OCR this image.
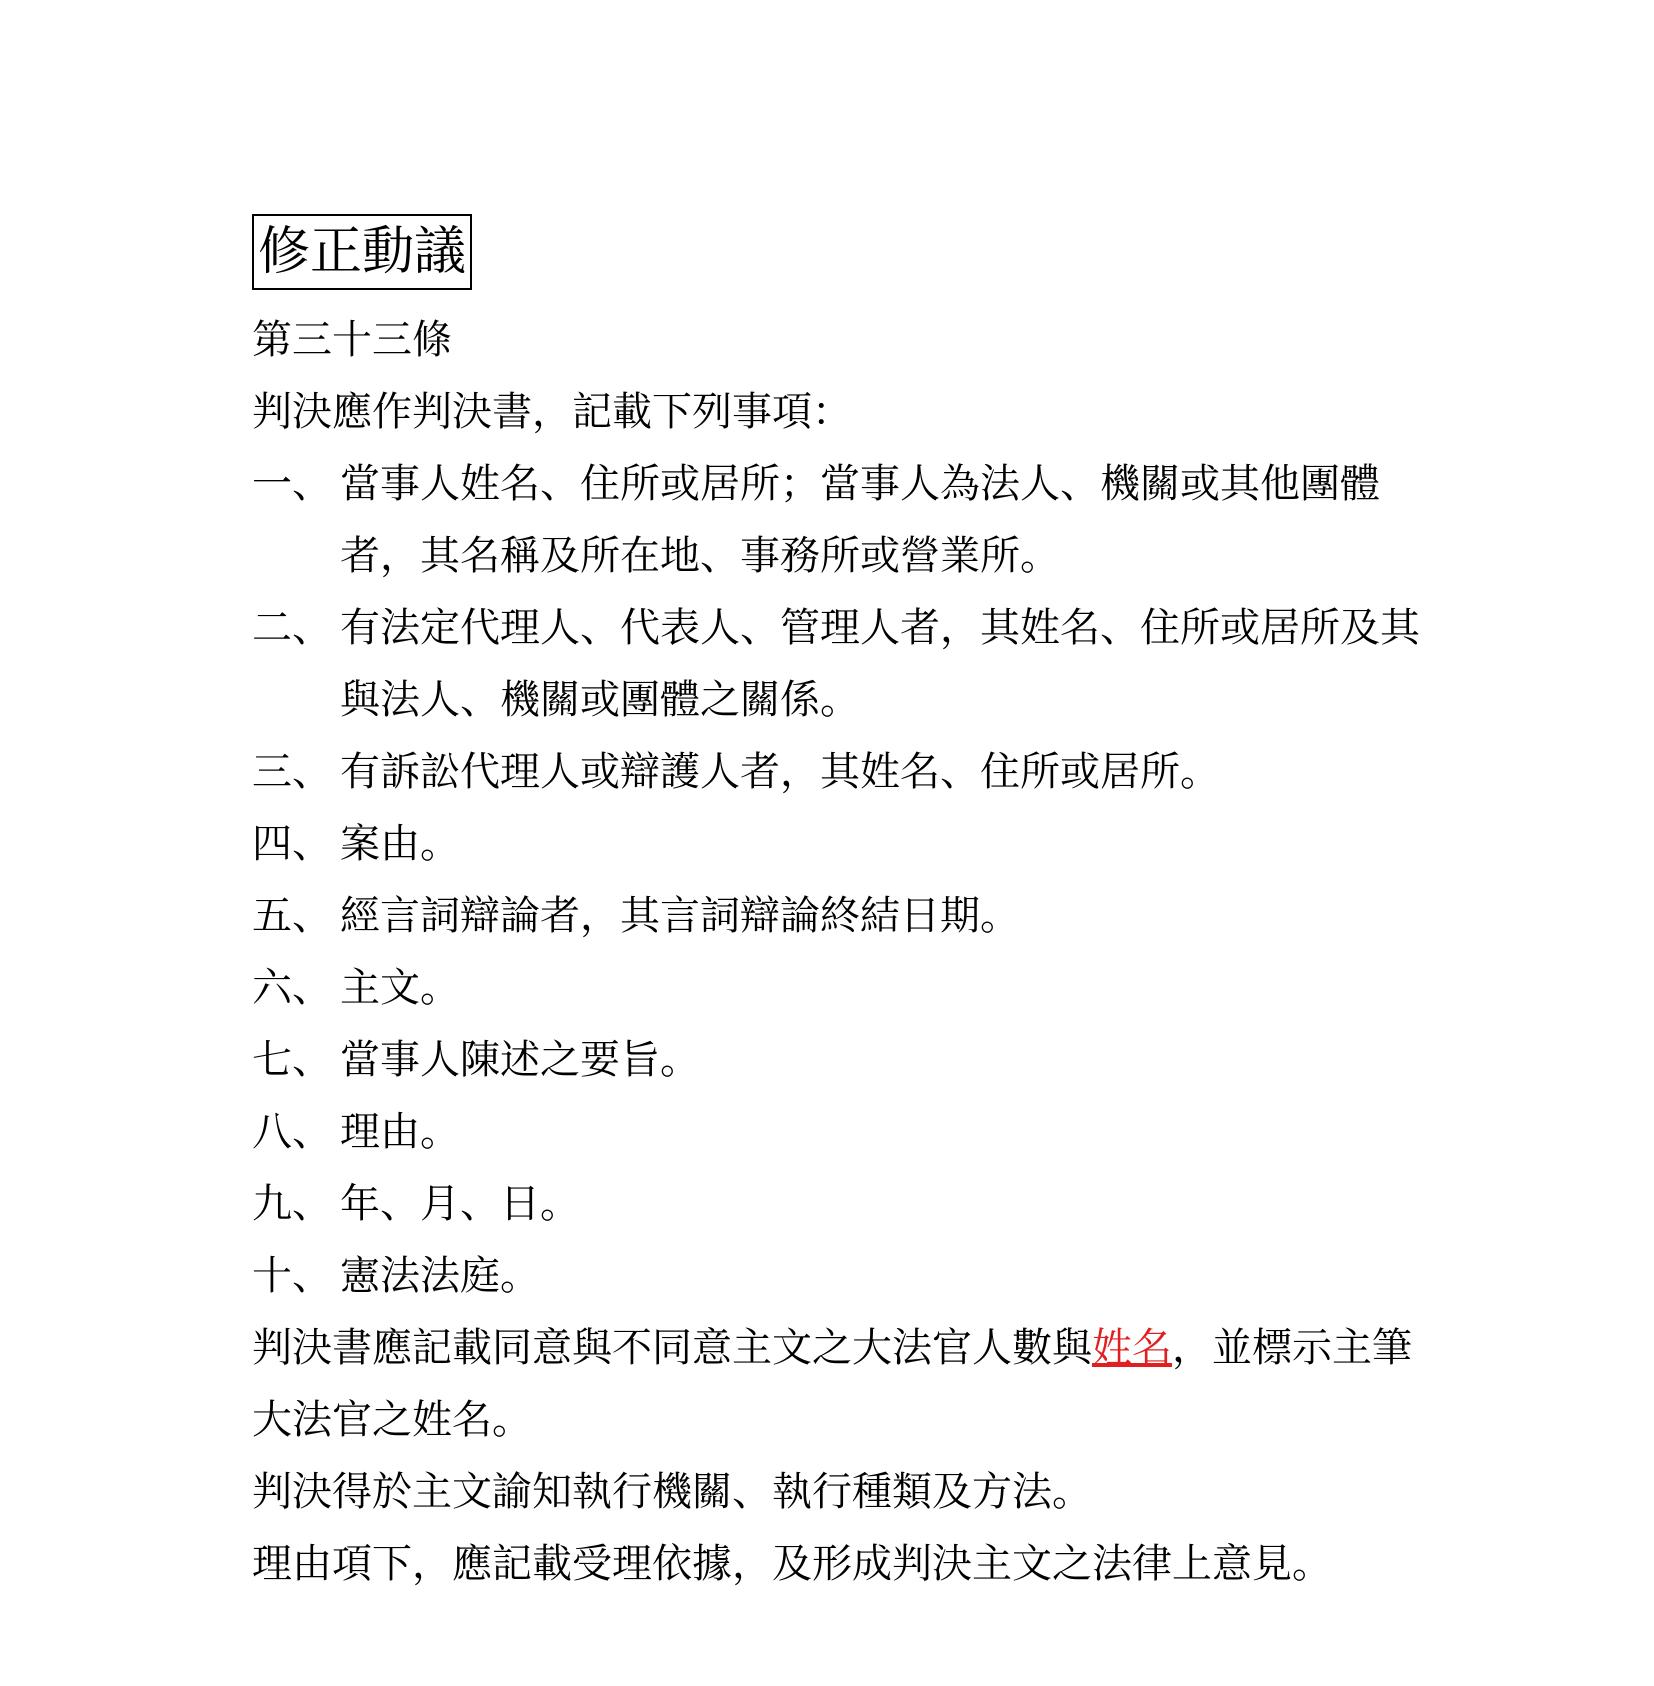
修正動議
第三十三條
判決應作判決書，記載下列事項：
一、 當事人姓名、住所或居所；當事人為法人、機關或其他團體者，其名稱及所在地、事務所或營業所。
二、 有法定代理人、代表人、管理人者，其姓名、住所或居所及其與法人、機關或團體之關係。
三、 有訴訟代理人或辯護人者，其姓名、住所或居所。
四、 案由。
五、 經言詞辯論者，其言詞辯論終結日期。
六、 主文。
七、 當事人陳述之要旨。
八、 理由。
九、 年、月、日。
十、 憲法法庭。
判決書應記載同意與不同意主文之大法官人數與姓名，並標示主筆大法官之姓名。
判決得於主文諭知執行機關、執行種類及方法。
理由項下，應記載受理依據，及形成判決主文之法律上意見。
